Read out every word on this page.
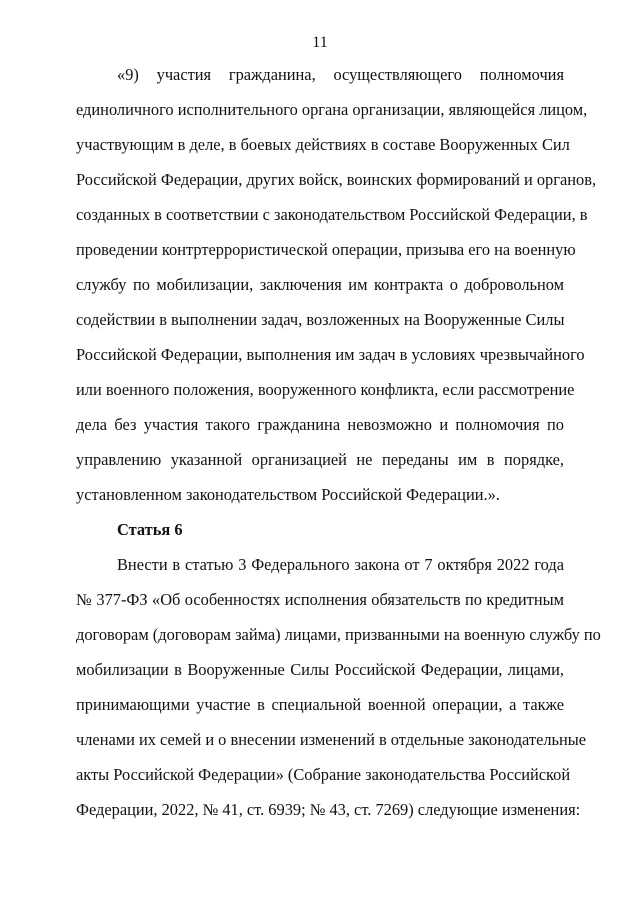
11
«9) участия гражданина, осуществляющего полномочия
единоличного исполнительного органа организации, являющейся лицом,
участвующим в деле, в боевых действиях в составе Вооруженных Сил
Российской Федерации, других войск, воинских формирований и органов,
созданных в соответствии с законодательством Российской Федерации, в
проведении контртеррористической операции, призыва его на военную
службу по мобилизации, заключения им контракта о добровольном
содействии в выполнении задач, возложенных на Вооруженные Силы
Российской Федерации, выполнения им задач в условиях чрезвычайного
или военного положения, вооруженного конфликта, если рассмотрение
дела без участия такого гражданина невозможно и полномочия по
управлению указанной организацией не переданы им в порядке,
установленном законодательством Российской Федерации.».
Статья 6
Внести в статью 3 Федерального закона от 7 октября 2022 года
№ 377-ФЗ «Об особенностях исполнения обязательств по кредитным
договорам (договорам займа) лицами, призванными на военную службу по
мобилизации в Вооруженные Силы Российской Федерации, лицами,
принимающими участие в специальной военной операции, а также
членами их семей и о внесении изменений в отдельные законодательные
акты Российской Федерации» (Собрание законодательства Российской
Федерации, 2022, № 41, ст. 6939; № 43, ст. 7269) следующие изменения:
